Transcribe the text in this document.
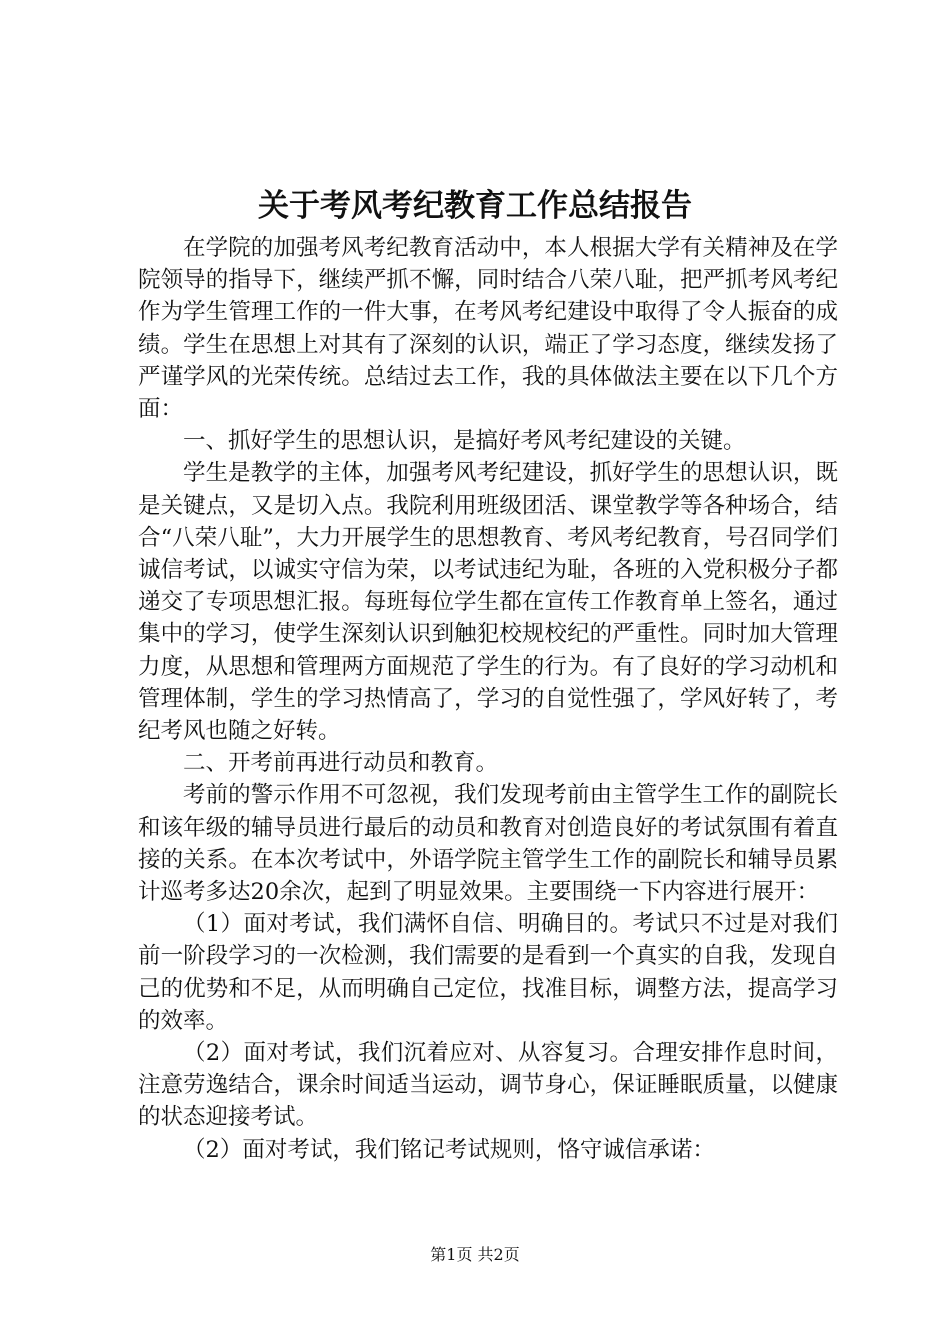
关于考风考纪教育工作总结报告

在学院的加强考风考纪教育活动中，本人根据大学有关精神及在学院领导的指导下，继续严抓不懈，同时结合八荣八耻，把严抓考风考纪作为学生管理工作的一件大事，在考风考纪建设中取得了令人振奋的成绩。学生在思想上对其有了深刻的认识，端正了学习态度，继续发扬了严谨学风的光荣传统。总结过去工作，我的具体做法主要在以下几个方面：

一、抓好学生的思想认识，是搞好考风考纪建设的关键。

学生是教学的主体，加强考风考纪建设，抓好学生的思想认识，既是关键点，又是切入点。我院利用班级团活、课堂教学等各种场合，结合“八荣八耻”，大力开展学生的思想教育、考风考纪教育，号召同学们诚信考试，以诚实守信为荣，以考试违纪为耻，各班的入党积极分子都递交了专项思想汇报。每班每位学生都在宣传工作教育单上签名，通过集中的学习，使学生深刻认识到触犯校规校纪的严重性。同时加大管理力度，从思想和管理两方面规范了学生的行为。有了良好的学习动机和管理体制，学生的学习热情高了，学习的自觉性强了，学风好转了，考纪考风也随之好转。

二、开考前再进行动员和教育。

考前的警示作用不可忽视，我们发现考前由主管学生工作的副院长和该年级的辅导员进行最后的动员和教育对创造良好的考试氛围有着直接的关系。在本次考试中，外语学院主管学生工作的副院长和辅导员累计巡考多达20余次，起到了明显效果。主要围绕一下内容进行展开：

（1）面对考试，我们满怀自信、明确目的。考试只不过是对我们前一阶段学习的一次检测，我们需要的是看到一个真实的自我，发现自己的优势和不足，从而明确自己定位，找准目标，调整方法，提高学习的效率。

（2）面对考试，我们沉着应对、从容复习。合理安排作息时间，注意劳逸结合，课余时间适当运动，调节身心，保证睡眠质量，以健康的状态迎接考试。

（2）面对考试，我们铭记考试规则，恪守诚信承诺：

第1页 共2页
